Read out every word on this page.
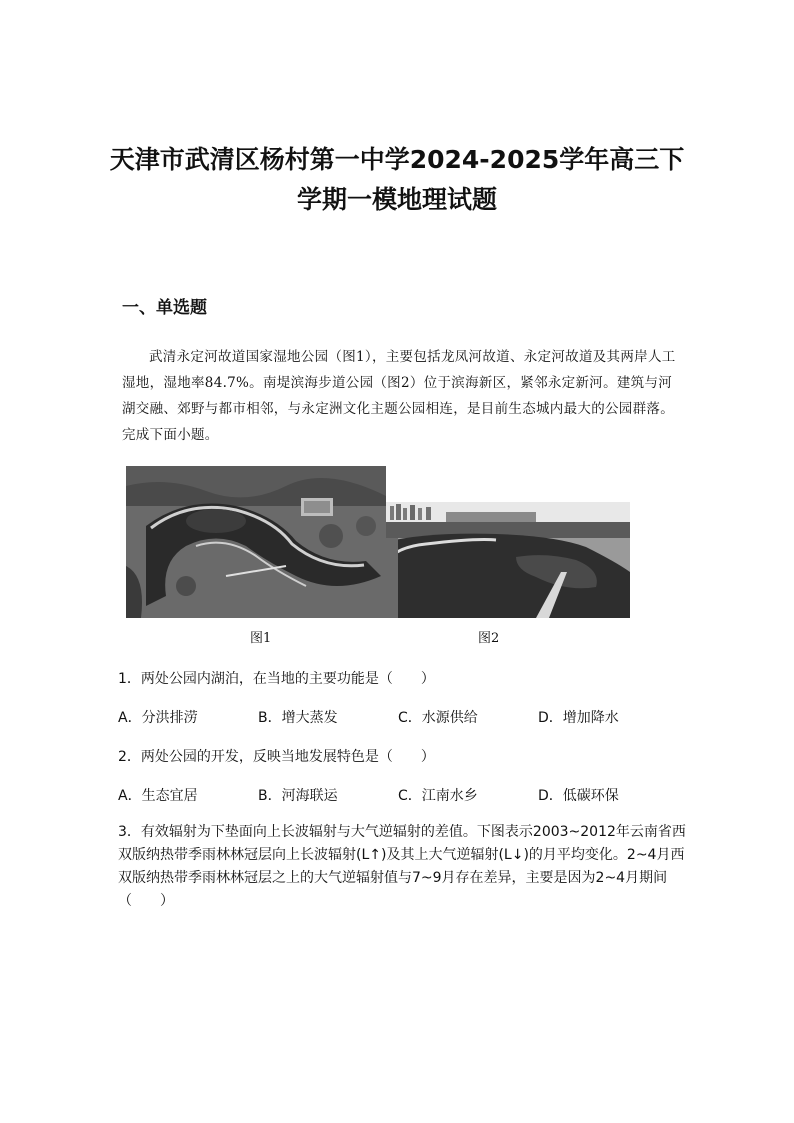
天津市武清区杨村第一中学2024-2025学年高三下
学期一模地理试题
一、单选题
武清永定河故道国家湿地公园（图1），主要包括龙凤河故道、永定河故道及其两岸人工湿地，湿地率84.7%。南堤滨海步道公园（图2）位于滨海新区，紧邻永定新河。建筑与河湖交融、郊野与都市相邻，与永定洲文化主题公园相连，是目前生态城内最大的公园群落。完成下面小题。
图1	图2
1．两处公园内湖泊，在当地的主要功能是（　　）
A．分洪排涝	B．增大蒸发	C．水源供给	D．增加降水
2．两处公园的开发，反映当地发展特色是（　　）
A．生态宜居	B．河海联运	C．江南水乡	D．低碳环保
3．有效辐射为下垫面向上长波辐射与大气逆辐射的差值。下图表示2003~2012年云南省西双版纳热带季雨林林冠层向上长波辐射(L↑)及其上大气逆辐射(L↓)的月平均变化。2~4月西双版纳热带季雨林林冠层之上的大气逆辐射值与7~9月存在差异，主要是因为2~4月期间（　　）
